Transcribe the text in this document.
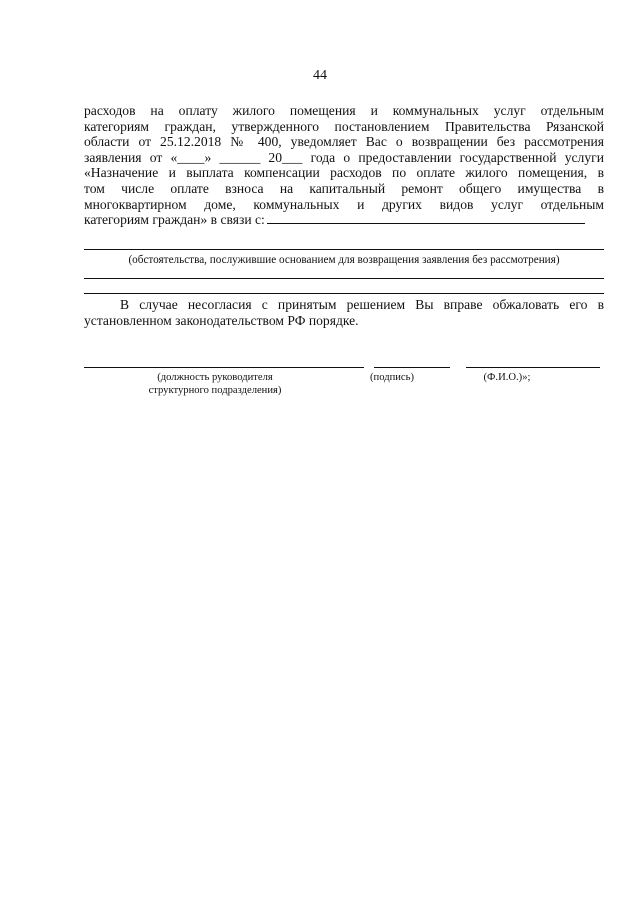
44
расходов на оплату жилого помещения и коммунальных услуг отдельным
категориям граждан, утвержденного постановлением Правительства Рязанской
области от 25.12.2018 № 400, уведомляет Вас о возвращении без рассмотрения
заявления от «____» ______ 20___ года о предоставлении государственной услуги
«Назначение и выплата компенсации расходов по оплате жилого помещения, в
том числе оплате взноса на капитальный ремонт общего имущества в
многоквартирном доме, коммунальных и других видов услуг отдельным
категориям граждан» в связи с:
(обстоятельства, послужившие основанием для возвращения заявления без рассмотрения)
В случае несогласия с принятым решением Вы вправе обжаловать его в
установленном законодательством РФ порядке.
(должность руководителя
структурного подразделения)
(подпись)	(Ф.И.О.)»;
